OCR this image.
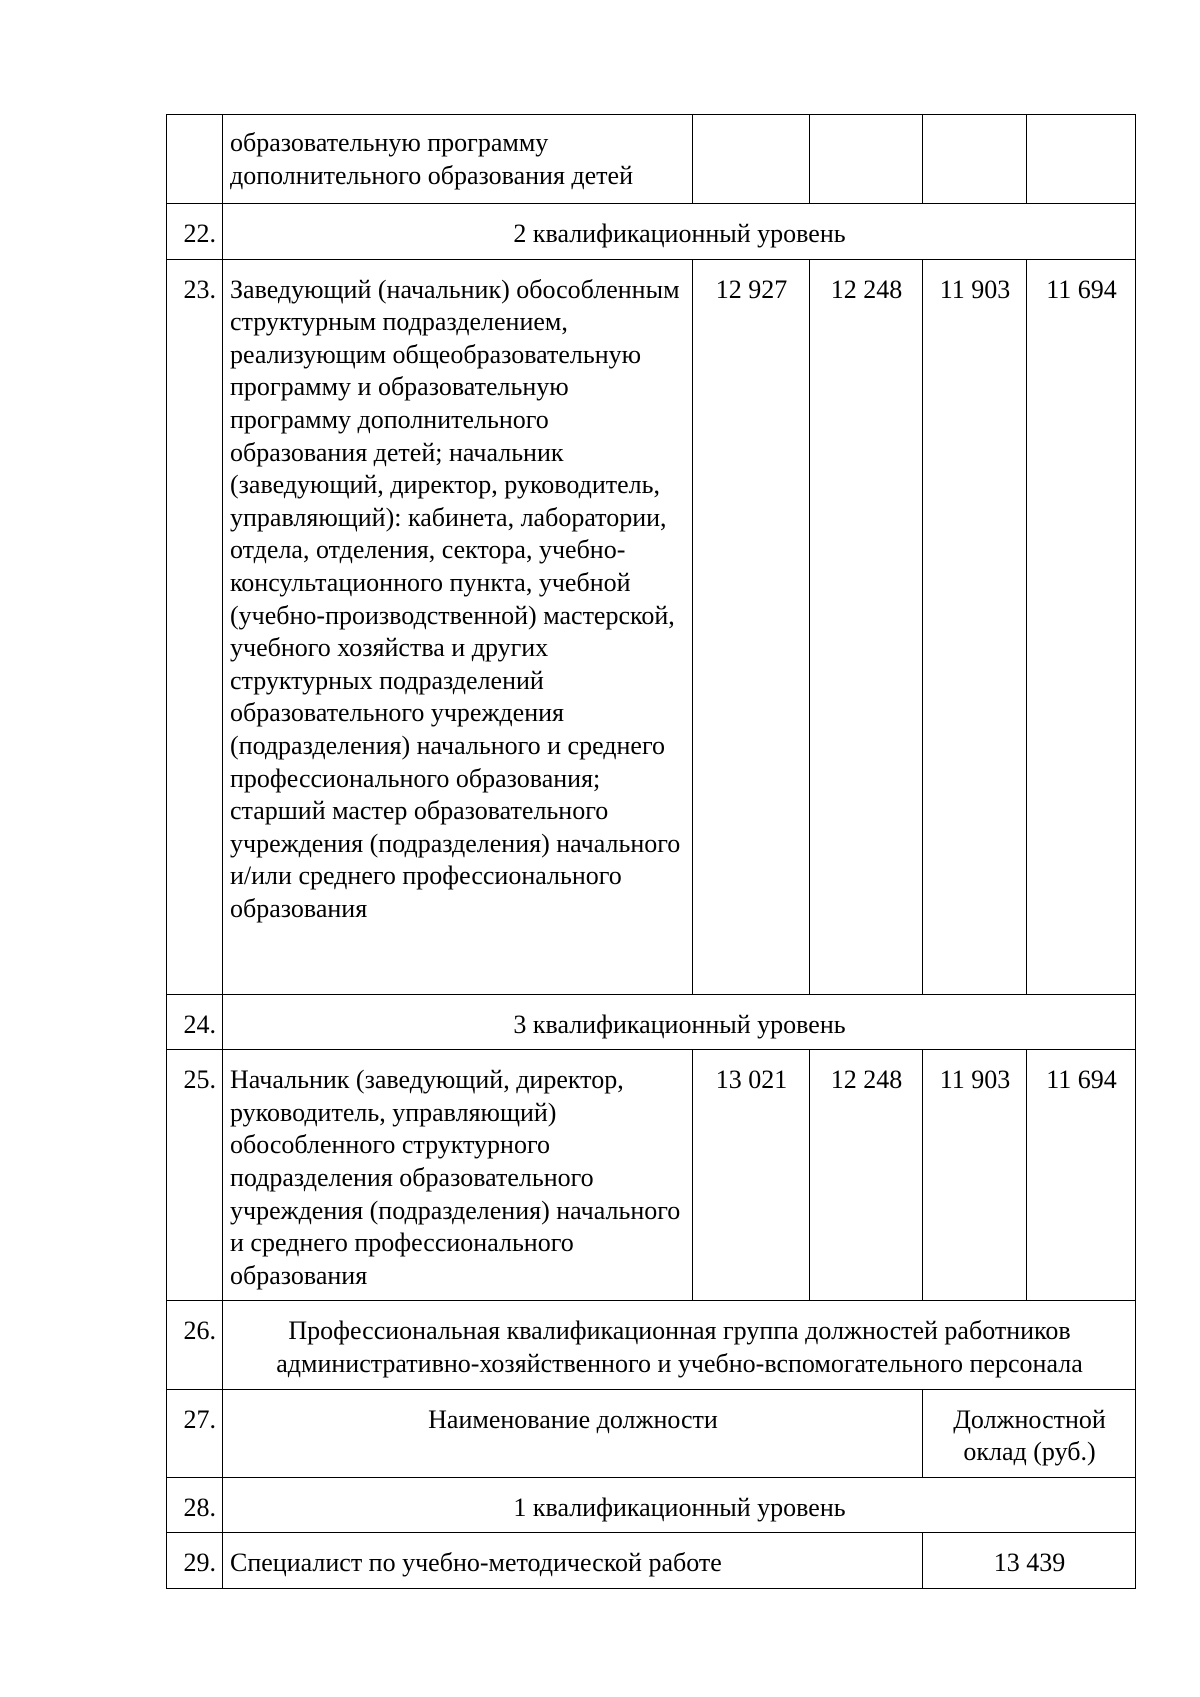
	образовательную программу дополнительного образования детей				
22.	2 квалификационный уровень				
23.	Заведующий (начальник) обособленным структурным подразделением, реализующим общеобразовательную программу и образовательную программу дополнительного образования детей; начальник (заведующий, директор, руководитель, управляющий): кабинета, лаборатории, отдела, отделения, сектора, учебно-консультационного пункта, учебной (учебно-производственной) мастерской, учебного хозяйства и других структурных подразделений образовательного учреждения (подразделения) начального и среднего профессионального образования; старший мастер образовательного учреждения (подразделения) начального и/или среднего профессионального образования	12 927	12 248	11 903	11 694
24.	3 квалификационный уровень				
25.	Начальник (заведующий, директор, руководитель, управляющий) обособленного структурного подразделения образовательного учреждения (подразделения) начального и среднего профессионального образования	13 021	12 248	11 903	11 694
26.	Профессиональная квалификационная группа должностей работников административно-хозяйственного и учебно-вспомогательного персонала				
27.	Наименование должности			Должностной оклад (руб.)	
28.	1 квалификационный уровень				
29.	Специалист по учебно-методической работе			13 439	
